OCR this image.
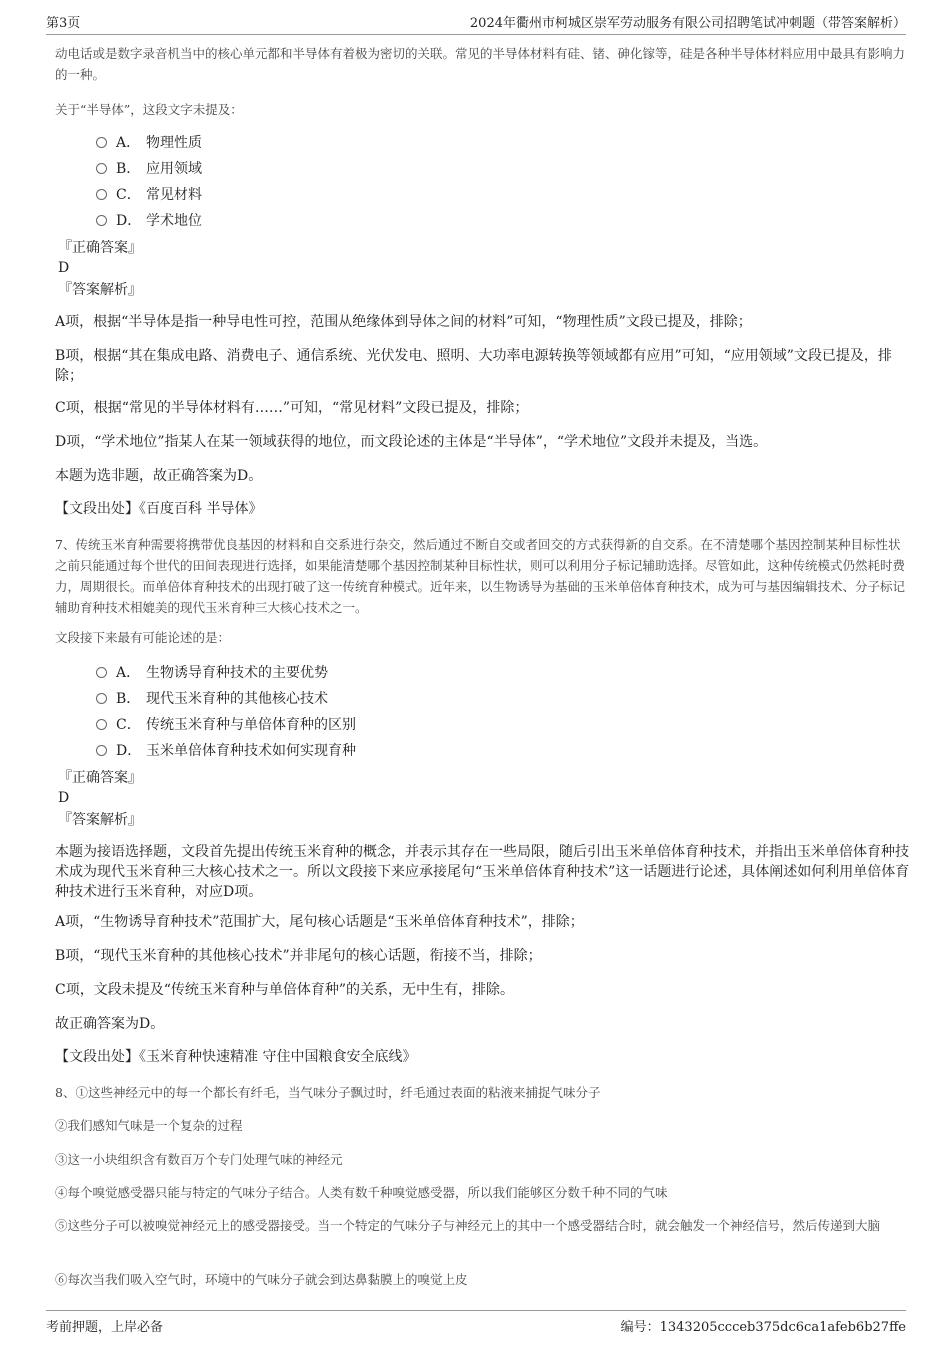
第3页	2024年衢州市柯城区崇军劳动服务有限公司招聘笔试冲刺题（带答案解析）

动电话或是数字录音机当中的核心单元都和半导体有着极为密切的关联。常见的半导体材料有硅、锗、砷化镓等，硅是各种半导体材料应用中最具有影响力的一种。

关于“半导体”，这段文字未提及：

A． 物理性质
B． 应用领域
C． 常见材料
D． 学术地位
『正确答案』
D
『答案解析』

A项，根据“半导体是指一种导电性可控，范围从绝缘体到导体之间的材料”可知，“物理性质”文段已提及，排除；

B项，根据“其在集成电路、消费电子、通信系统、光伏发电、照明、大功率电源转换等领域都有应用”可知，“应用领域”文段已提及，排除；

C项，根据“常见的半导体材料有……”可知，“常见材料”文段已提及，排除；

D项，“学术地位”指某人在某一领域获得的地位，而文段论述的主体是“半导体”，“学术地位”文段并未提及，当选。

本题为选非题，故正确答案为D。

【文段出处】《百度百科 半导体》

7、传统玉米育种需要将携带优良基因的材料和自交系进行杂交，然后通过不断自交或者回交的方式获得新的自交系。在不清楚哪个基因控制某种目标性状之前只能通过每个世代的田间表现进行选择，如果能清楚哪个基因控制某种目标性状，则可以利用分子标记辅助选择。尽管如此，这种传统模式仍然耗时费力，周期很长。而单倍体育种技术的出现打破了这一传统育种模式。近年来，以生物诱导为基础的玉米单倍体育种技术，成为可与基因编辑技术、分子标记辅助育种技术相媲美的现代玉米育种三大核心技术之一。

文段接下来最有可能论述的是：

A． 生物诱导育种技术的主要优势
B． 现代玉米育种的其他核心技术
C． 传统玉米育种与单倍体育种的区别
D． 玉米单倍体育种技术如何实现育种
『正确答案』
D
『答案解析』

本题为接语选择题，文段首先提出传统玉米育种的概念，并表示其存在一些局限，随后引出玉米单倍体育种技术，并指出玉米单倍体育种技术成为现代玉米育种三大核心技术之一。所以文段接下来应承接尾句“玉米单倍体育种技术”这一话题进行论述，具体阐述如何利用单倍体育种技术进行玉米育种，对应D项。

A项，“生物诱导育种技术”范围扩大，尾句核心话题是“玉米单倍体育种技术”，排除；

B项，“现代玉米育种的其他核心技术”并非尾句的核心话题，衔接不当，排除；

C项，文段未提及“传统玉米育种与单倍体育种”的关系，无中生有，排除。

故正确答案为D。

【文段出处】《玉米育种快速精准 守住中国粮食安全底线》

8、①这些神经元中的每一个都长有纤毛，当气味分子飘过时，纤毛通过表面的粘液来捕捉气味分子

②我们感知气味是一个复杂的过程

③这一小块组织含有数百万个专门处理气味的神经元

④每个嗅觉感受器只能与特定的气味分子结合。人类有数千种嗅觉感受器，所以我们能够区分数千种不同的气味

⑤这些分子可以被嗅觉神经元上的感受器接受。当一个特定的气味分子与神经元上的其中一个感受器结合时，就会触发一个神经信号，然后传递到大脑

⑥每次当我们吸入空气时，环境中的气味分子就会到达鼻黏膜上的嗅觉上皮

考前押题，上岸必备	编号：1343205ccceb375dc6ca1afeb6b27ffe
